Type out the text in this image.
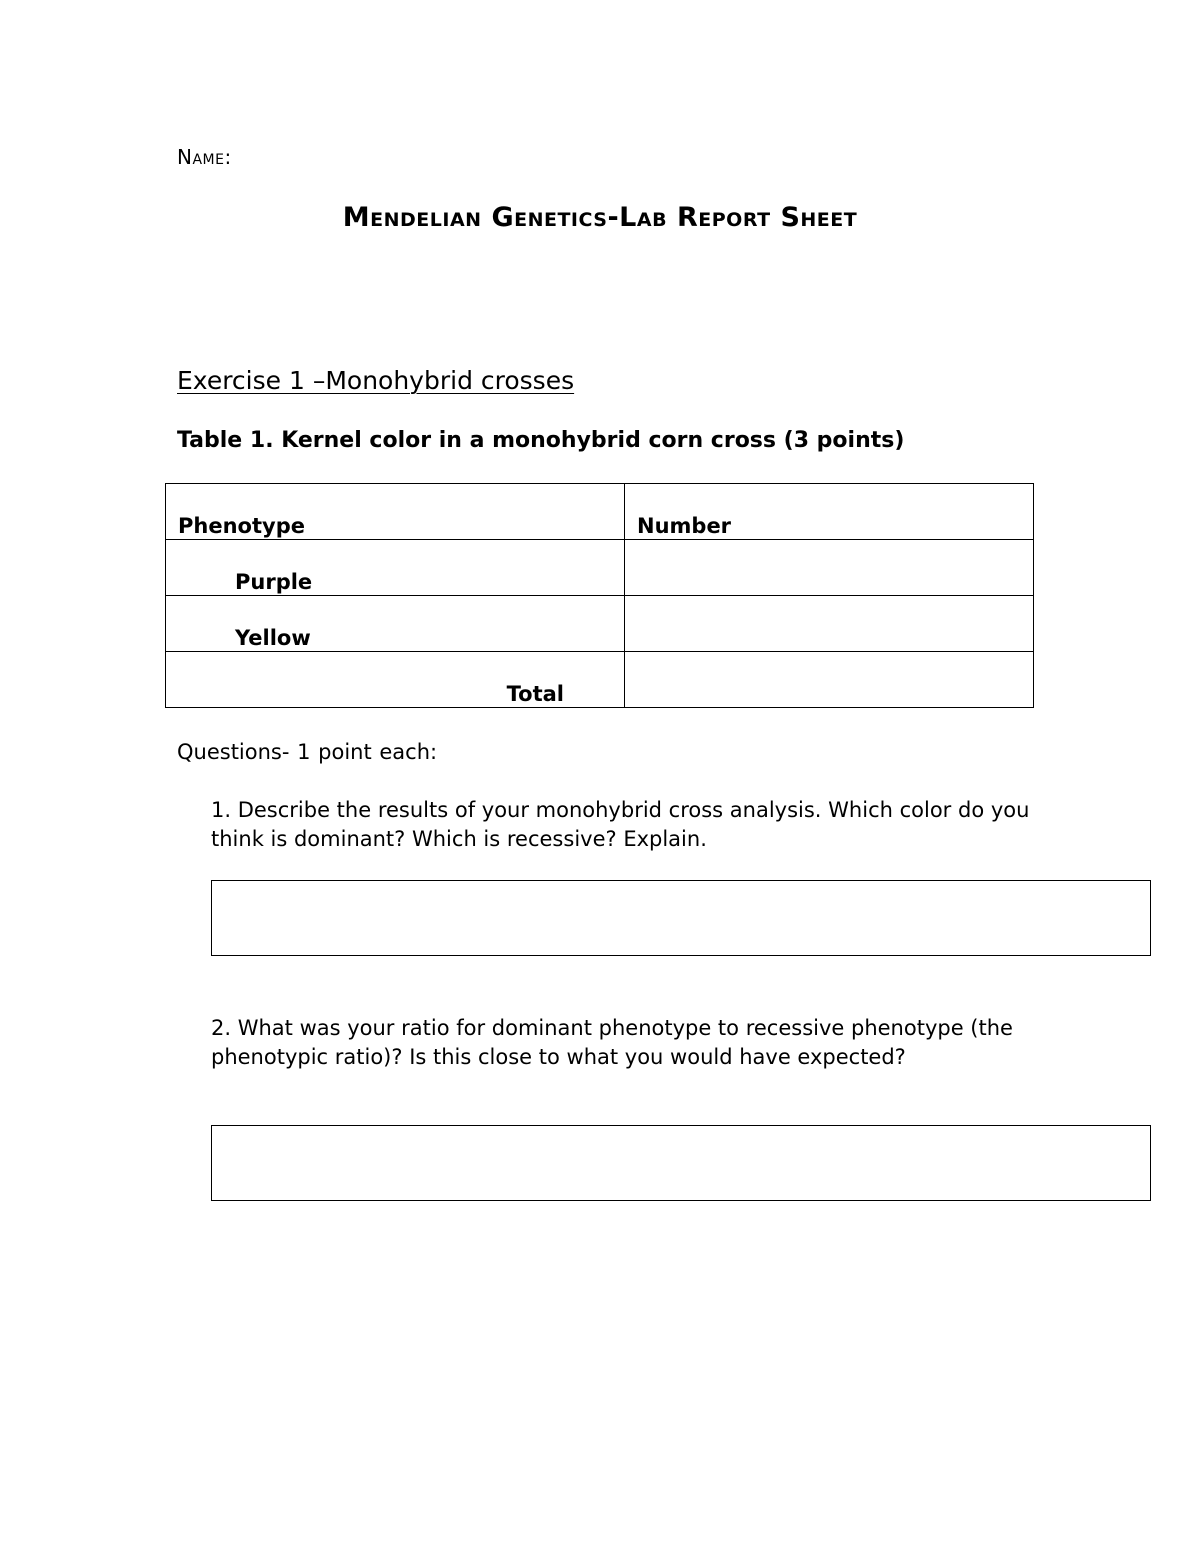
Name:
Mendelian Genetics-Lab Report Sheet
Exercise 1 –Monohybrid crosses
Table 1. Kernel color in a monohybrid corn cross (3 points)
Phenotype	Number
Purple	
Yellow	
Total	
Questions- 1 point each:
1. Describe the results of your monohybrid cross analysis. Which color do you think is dominant? Which is recessive? Explain.
2. What was your ratio for dominant phenotype to recessive phenotype (the phenotypic ratio)? Is this close to what you would have expected?
